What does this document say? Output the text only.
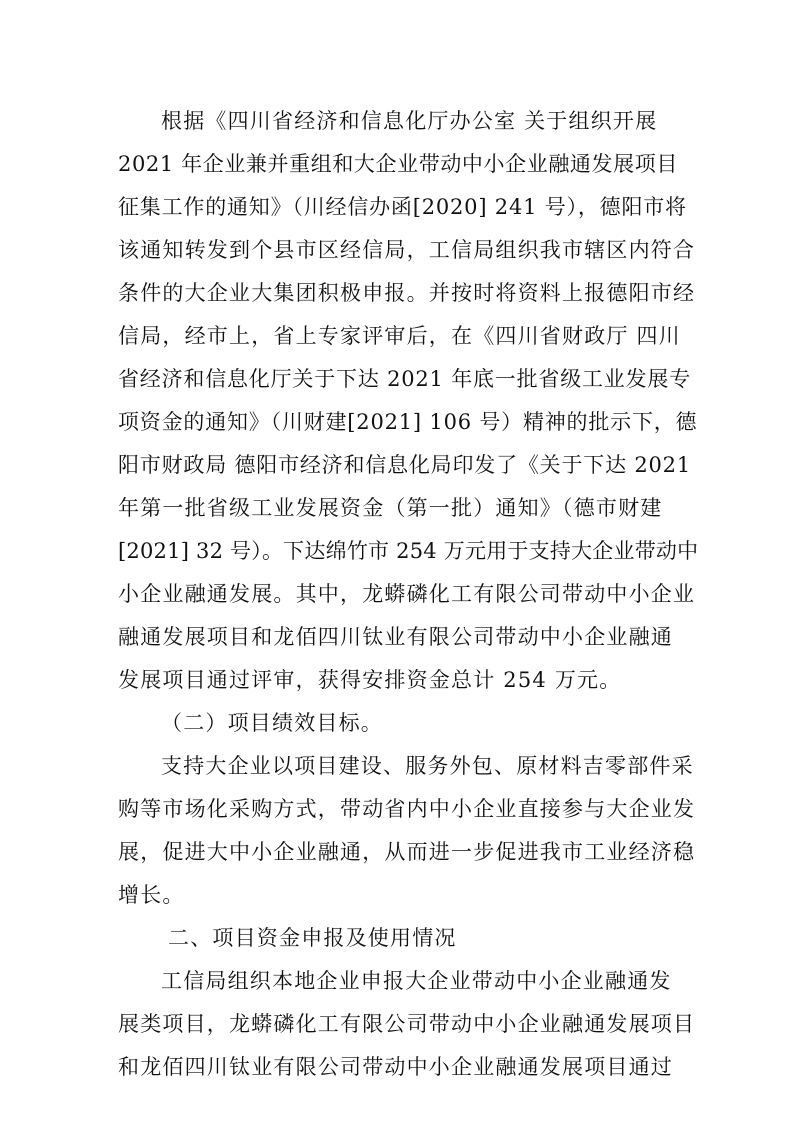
根据《四川省经济和信息化厅办公室 关于组织开展

2021 年企业兼并重组和大企业带动中小企业融通发展项目

征集工作的通知》（川经信办函[2020] 241 号），德阳市将

该通知转发到个县市区经信局，工信局组织我市辖区内符合

条件的大企业大集团积极申报。并按时将资料上报德阳市经

信局，经市上，省上专家评审后，在《四川省财政厅 四川

省经济和信息化厅关于下达 2021 年底一批省级工业发展专

项资金的通知》（川财建[2021] 106 号）精神的批示下，德

阳市财政局 德阳市经济和信息化局印发了《关于下达 2021

年第一批省级工业发展资金（第一批）通知》（德市财建

[2021] 32 号）。下达绵竹市 254 万元用于支持大企业带动中

小企业融通发展。其中，龙蟒磷化工有限公司带动中小企业

融通发展项目和龙佰四川钛业有限公司带动中小企业融通

发展项目通过评审，获得安排资金总计 254 万元。

（二）项目绩效目标。

支持大企业以项目建设、服务外包、原材料吉零部件采

购等市场化采购方式，带动省内中小企业直接参与大企业发

展，促进大中小企业融通，从而进一步促进我市工业经济稳

增长。

二、项目资金申报及使用情况

工信局组织本地企业申报大企业带动中小企业融通发

展类项目，龙蟒磷化工有限公司带动中小企业融通发展项目

和龙佰四川钛业有限公司带动中小企业融通发展项目通过
